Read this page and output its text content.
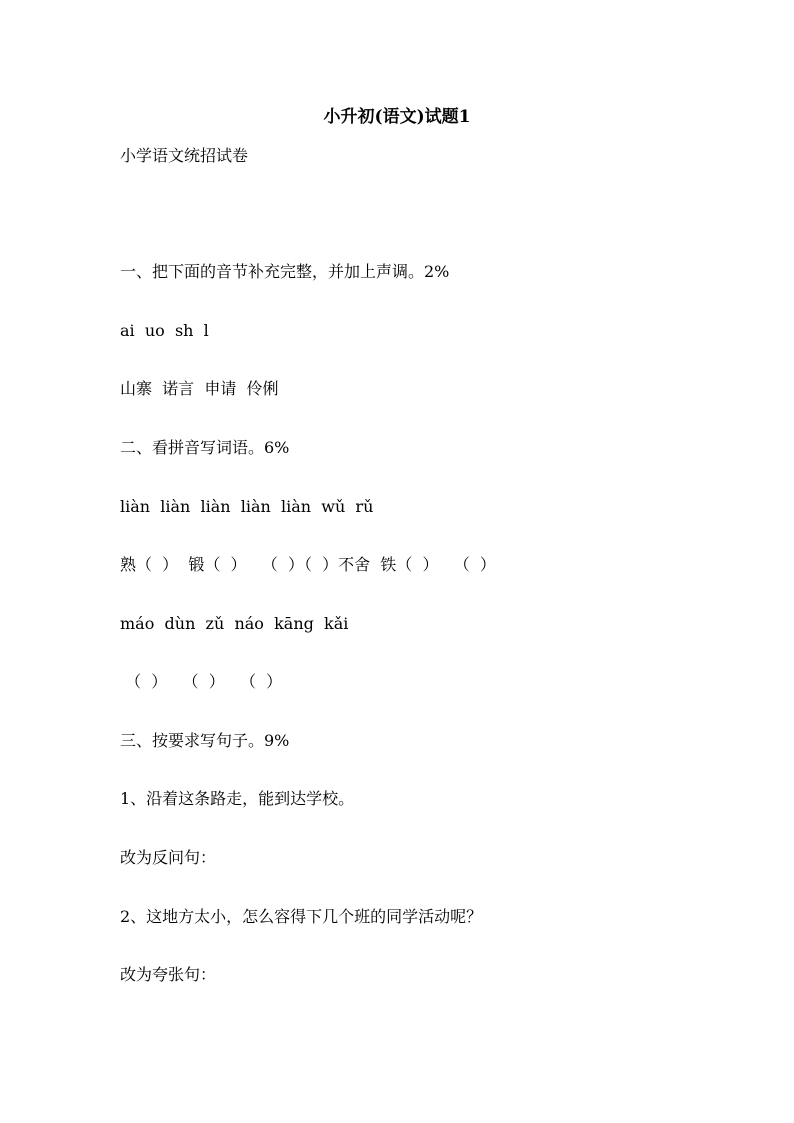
小升初(语文)试题1
小学语文统招试卷
一、把下面的音节补充完整，并加上声调。2%
ai  uo  sh  l
山寨  诺言  申请  伶俐
二、看拼音写词语。6%
liàn  liàn  liàn  liàn  liàn  wǔ  rǔ
熟（  ）  锻（  ）   （  ）（  ）不舍  铁（  ）   （  ）
máo  dùn  zǔ  náo  kāng  kǎi
（  ）   （  ）   （  ）
三、按要求写句子。9%
1、沿着这条路走，能到达学校。
改为反问句：
2、这地方太小，怎么容得下几个班的同学活动呢？
改为夸张句：
